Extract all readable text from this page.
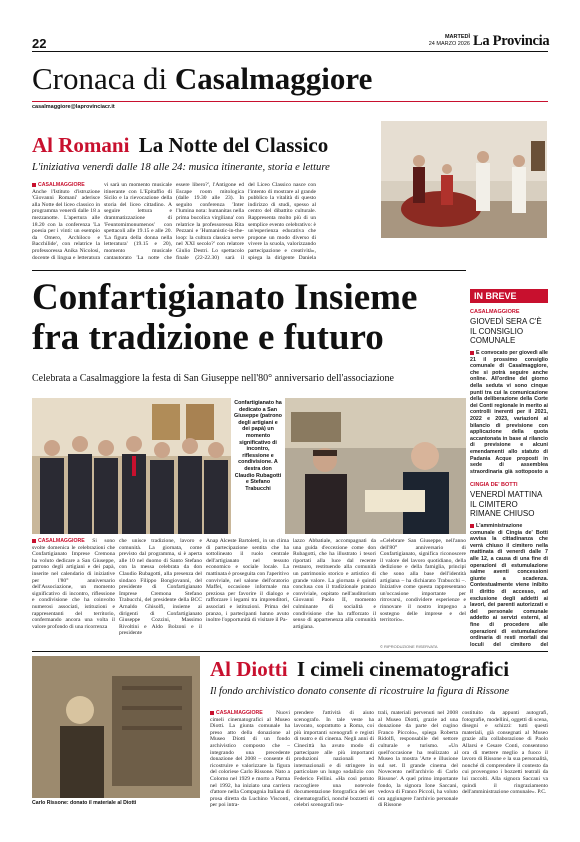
22	MARTEDÌ
24 MARZO 2026 La Provincia
Cronaca di Casalmaggiore
casalmaggiore@laprovinciacr.it
Al Romani La Notte del Classico
L'iniziativa venerdì dalle 18 alle 24: musica itinerante, storia e letture
CASALMAGGIORE Anche l'Istituto d'istruzione 'Giovanni Romani' aderisce alla Notte del liceo classico in programma venerdì dalle 18 a mezzanotte. L'apertura alle 18.20 con la conferenza 'La poesia per i vinti: un esempio da Omero, Archiloco e Bacchilide', con relatrice la professoressa Anika Nicolosi, docente di lingua e letteratura
vi sarà un momento musicale itinerante con L'Epitaffio di Sicilo e la rievocazione della storia del liceo cittadino. A seguire lettura e drammatizzazione di 'Feuntomimonumenos' con spettacoli alle 19.15 e alle 20. 'La figura della donna nella letteratura' (19.15 e 20), momento musicale cantautorato 'La notte che
essere libero?', l'Antigone ed Escape room mitologica (dalle 19.30 alle 23). In seguito conferenza 'Inter l'lumina nota: humanitas nella prima bucolica virgiliana' con relatrice la professoressa Rita Pezzani e 'Humanistic-in-the-loop: la cultura classica serve nel XXI secolo?' con relatore Giulio Destri. Lo spettacolo finale (22-22.30) sarà il
del Liceo Classico nasce con l'intento di mostrare al grande pubblico la vitalità di questo indirizzo di studi, spesso al centro del dibattito culturale. Rappresenta molto più di un semplice evento celebrativo: è un'esperienza educativa che propone un modo diverso di vivere la scuola, valorizzando partecipazione e creatività», spiega la dirigente Daniela
Confartigianato Insieme
fra tradizione e futuro
Celebrata a Casalmaggiore la festa di San Giuseppe nell'80° anniversario dell'associazione
Confartigianato ha dedicato a San Giuseppe (patrono degli artigiani e dei papà) un momento significativo di incontro, riflessione e condivisione. A destra don Claudio Rubagotti e Stefano Trabucchi
CASALMAGGIORE Si sono svolte domenica le celebrazioni che Confartigianato Imprese Cremona ha voluto dedicare a San Giuseppe, patrono degli artigiani e dei papà, inserite nel calendario di iniziative per l'80° anniversario dell'Associazione, un momento significativo di incontro, riflessione e condivisione che ha coinvolto numerosi associati, istituzioni e rappresentanti del territorio, confermando ancora una volta il valore profondo di una ricorrenza
che unisce tradizione, lavoro e comunità. La giornata, come previsto dal programma, si è aperta alle 10 nel duomo di Santo Stefano con la messa celebrata da don Claudio Rubagotti, alla presenza del sindaco Filippo Bongiovanni, del presidente di Confartigianato Imprese Cremona Stefano Trabucchi, del presidente della BCC Arnaldo Ghisolfi, insieme ai dirigenti di Confartigianato Giuseppe Cozzini, Massimo Rivoltini e Aldo Bolzoni e il presidente
Anap Alceste Bartoletti, in un clima di partecipazione sentita che ha sottolineato il ruolo centrale dell'artigianato nel tessuto economico e sociale locale. La mattinata è proseguita con l'aperitivo conviviale, nel salone dell'oratorio Maffei, occasione informale ma preziosa per favorire il dialogo e rafforzare i legami tra imprenditori, associati e istituzioni. Prima del pranzo, i partecipanti hanno avuto inoltre l'opportunità di visitare il Pa-
lazzo Abbatiale, accompagnati da una guida d'eccezione come don Rubagotti, che ha illustrato i tesori riportati alla luce dal recente restauro, restituendo alla comunità un patrimonio storico e artistico di grande valore. La giornata è quindi conclusa con il tradizionale pranzo conviviale, ospitato nell'auditorium Giovanni Paolo II, momento culminante di socialità e condivisione che ha rafforzato il senso di appartenenza alla comunità artigiana.
«Celebrare San Giuseppe, nell'anno dell'80° anniversario di Confartigianato, significa riconoscere il valore del lavoro quotidiano, della dedizione e della famiglia, principi che sono alla base dell'identità artigiana – ha dichiarato Trabucchi –. Iniziative come questa rappresentano un'occasione importante per ritrovarsi, condividere esperienze e rinnovare il nostro impegno a sostegno delle imprese e del territorio».
© RIPRODUZIONE RISERVATA
IN BREVE
CASALMAGGIORE
GIOVEDÌ SERA C'È IL CONSIGLIO COMUNALE
È convocato per giovedì alle 21 il prossimo consiglio comunale di Casalmaggiore, che si potrà seguire anche online. All'ordine del giorno della seduta vi sono cinque punti tra cui la comunicazione della deliberazione della Corte dei Conti regionale in merito ai controlli inerenti per il 2021, 2022 e 2023, variazioni al bilancio di previsione con applicazione della quota accantonata in base al rilancio di previsione e alcuni emendamenti allo statuto di Padania Acque proposti in sede di assemblea straordinaria già sottoposto a
CINGIA DE' BOTTI
VENERDÌ MATTINA IL CIMITERO RIMANE CHIUSO
L'amministrazione comunale di Cingia de' Botti avvisa la cittadinanza che verrà chiuso il cimitero nella mattinata di venerdì dalle 7 alle 12, a causa di una fine di operazioni di estumulazione salme aventi concessioni giunte a scadenza. Contestualmente viene inibito il diritto di accesso, ad esclusione degli addetti ai lavori, dei parenti autorizzati e del personale comunale addetto ai servizi esterni, al fine di procedere alle operazioni di estumulazione ordinaria di resti mortali dai loculi del cimitero del
Al Diotti I cimeli cinematografici
Il fondo archivistico donato consente di ricostruire la figura di Rissone
Carlo Rissone: donato il materiale al Diotti
CASALMAGGIORE Nuovi cimeli cinematografici al Museo Diotti. La giunta comunale ha preso atto della donazione al Museo Diotti di un fondo archivistico composto che – integrando una precedente donazione del 2008 – consente di ricostruire e valorizzare la figura del coloriese Carlo Rissone. Nato a Colorno nel 1929 e morto a Parma nel 1992, ha iniziato una carriera d'attore nella Compagnia Italiana di prosa diretta da Luchino Visconti, per poi intra-
prendere l'attività di aiuto scenografo. In tale veste ha lavorato, soprattutto a Roma, coi più importanti scenografi e registi di teatro e di cinema. Negli anni di Cinecittà ha avuto modo di partecipare alle più importanti produzioni nazionali ed internazionali e di stringere in particolare un lungo sodalizio con Federico Fellini. «Ha così potuto raccogliere una notevole documentazione fotografica dei set cinematografici, nonché bozzetti di celebri scenografi tea-
trali, materiali pervenuti nel 2008 al Museo Diotti, grazie ad una donazione da parte del cugino Franco Piccolo», spiega Roberta Ridolfi, responsabile del settore culturale e turismo. «Un quell'occasione ha realizzato al Museo la mostra 'Arte e illusione sul set. Il grande cinema del Novecento nell'archivio di Carlo Rissone'. A quel primo importante fondo, la signora Ione Saccani, vedova di Franco Piccoli, ha voluto ora aggiungere l'archivio personale di Rissone
costituito da appunti autografi, fotografie, modellini, oggetti di scena, disegni e schizzi: tutti questi materiali, già consegnati al Museo grazie alla collaborazione di Paolo Allarsi e Cesare Conti, consentono ora di mettere meglio a fuoco il lavoro di Rissone e la sua personalità, nonché di comprendere il contesto da cui provengono i bozzetti teatrali da lui raccolti. Alla signora Saccani va quindi il ringraziamento dell'amministrazione comunale». P.C.
